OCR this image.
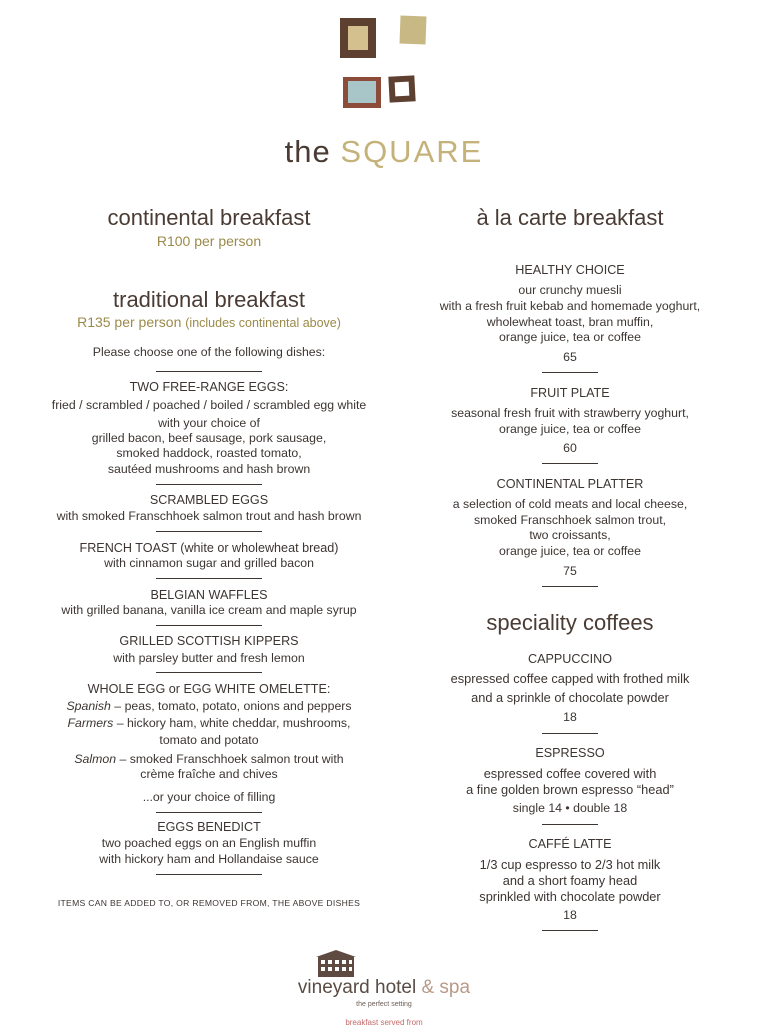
the SQUARE
continental breakfast
R100 per person
traditional breakfast
R135 per person (includes continental above)
Please choose one of the following dishes:
TWO FREE-RANGE EGGS:
fried / scrambled / poached / boiled / scrambled egg white
with your choice of
grilled bacon, beef sausage, pork sausage,
smoked haddock, roasted tomato,
sautéed mushrooms and hash brown
SCRAMBLED EGGS
with smoked Franschhoek salmon trout and hash brown
FRENCH TOAST (white or wholewheat bread)
with cinnamon sugar and grilled bacon
BELGIAN WAFFLES
with grilled banana, vanilla ice cream and maple syrup
GRILLED SCOTTISH KIPPERS
with parsley butter and fresh lemon
WHOLE EGG or EGG WHITE OMELETTE:
Spanish – peas, tomato, potato, onions and peppers
Farmers – hickory ham, white cheddar, mushrooms,
tomato and potato
Salmon – smoked Franschhoek salmon trout with
crème fraîche and chives
...or your choice of filling
EGGS BENEDICT
two poached eggs on an English muffin
with hickory ham and Hollandaise sauce
ITEMS CAN BE ADDED TO, OR REMOVED FROM, THE ABOVE DISHES
à la carte breakfast
HEALTHY CHOICE
our crunchy muesli
with a fresh fruit kebab and homemade yoghurt,
wholewheat toast, bran muffin,
orange juice, tea or coffee
65
FRUIT PLATE
seasonal fresh fruit with strawberry yoghurt,
orange juice, tea or coffee
60
CONTINENTAL PLATTER
a selection of cold meats and local cheese,
smoked Franschhoek salmon trout,
two croissants,
orange juice, tea or coffee
75
speciality coffees
CAPPUCCINO
espressed coffee capped with frothed milk
and a sprinkle of chocolate powder
18
ESPRESSO
espressed coffee covered with
a fine golden brown espresso “head”
single 14 • double 18
CAFFÉ LATTE
1/3 cup espresso to 2/3 hot milk
and a short foamy head
sprinkled with chocolate powder
18
vineyard hotel & spa
the perfect setting
breakfast served from
